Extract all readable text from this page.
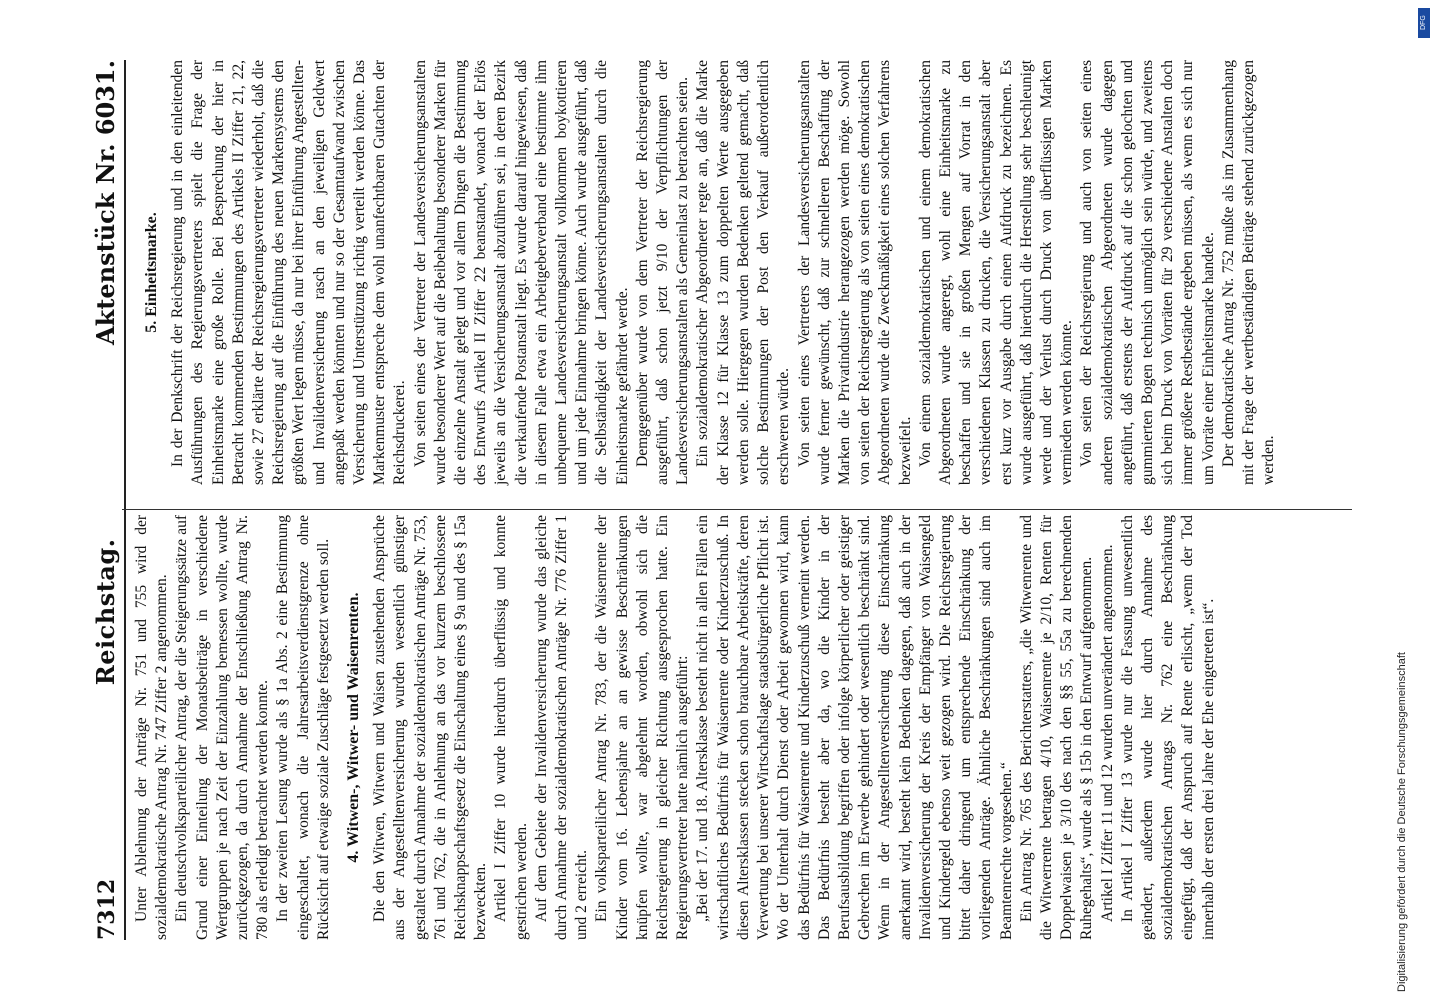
7312
Reichstag.
Aktenstück Nr. 6031.

Unter Ablehnung der Anträge Nr. 751 und 755 wird der sozialdemokratische Antrag Nr. 747 Ziffer 2 angenommen. Ein deutschvolksparteilicher Antrag, der die Steigerungssätze auf Grund einer Einteilung der Monatsbeiträge in verschiedene Wertgruppen je nach Zeit der Einzahlung bemessen wollte, wurde zurückgezogen, da durch Annahme der Entschließung Antrag Nr. 780 als erledigt betrachtet werden konnte. In der zweiten Lesung wurde als § 1a Abs. 2 eine Bestimmung eingeschaltet, wonach die Jahresarbeitsverdienstgrenze ohne Rücksicht auf etwaige soziale Zuschläge festgesetzt werden soll. 4. Witwen-, Witwer- und Waisenrenten. Die den Witwen, Witwern und Waisen zustehenden Ansprüche aus der Angestelltenversicherung wurden wesentlich günstiger gestaltet durch Annahme der sozialdemokratischen Anträge Nr. 753, 761 und 762, die in Anlehnung an das vor kurzem beschlossene Reichsknappschaftsgesetz die Einschaltung eines § 9a und des § 15a bezweckten. Artikel I Ziffer 10 wurde hierdurch überflüssig und konnte gestrichen werden. Auf dem Gebiete der Invalidenversicherung wurde das gleiche durch Annahme der sozialdemokratischen Anträge Nr. 776 Ziffer 1 und 2 erreicht. Ein volksparteilicher Antrag Nr. 783, der die Waisenrente der Kinder vom 16. Lebensjahre an an gewisse Beschränkungen knüpfen wollte, war abgelehnt worden, obwohl sich die Reichsregierung in gleicher Richtung ausgesprochen hatte. Ein Regierungsvertreter hatte nämlich ausgeführt: „Bei der 17. und 18. Altersklasse besteht nicht in allen Fällen ein wirtschaftliches Bedürfnis für Waisenrente oder Kinderzuschuß. In diesen Altersklassen stecken schon brauchbare Arbeitskräfte, deren Verwertung bei unserer Wirtschaftslage staatsbürgerliche Pflicht ist. Wo der Unterhalt durch Dienst oder Arbeit gewonnen wird, kann das Bedürfnis für Waisenrente und Kinderzuschuß verneint werden. Das Bedürfnis besteht aber da, wo die Kinder in der Berufsausbildung begriffen oder infolge körperlicher oder geistiger Gebrechen im Erwerbe gehindert oder wesentlich beschränkt sind. Wenn in der Angestelltenversicherung diese Einschränkung anerkannt wird, besteht kein Bedenken dagegen, daß auch in der Invalidenversicherung der Kreis der Empfänger von Waisengeld und Kindergeld ebenso weit gezogen wird. Die Reichsregierung bittet daher dringend um entsprechende Einschränkung der vorliegenden Anträge. Ähnliche Beschränkungen sind auch im Beamtenrechte vorgesehen.“ Ein Antrag Nr. 765 des Berichterstatters, „die Witwenrente und die Witwerrente betragen 4/10, Waisenrente je 2/10, Renten für Doppelwaisen je 3/10 des nach den §§ 55, 55a zu berechnenden Ruhegehalts“, wurde als § 15b in den Entwurf aufgenommen. Artikel I Ziffer 11 und 12 wurden unverändert angenommen. In Artikel I Ziffer 13 wurde nur die Fassung unwesentlich geändert, außerdem wurde hier durch Annahme des sozialdemokratischen Antrags Nr. 762 eine Beschränkung eingefügt, daß der Anspruch auf Rente erlischt, „wenn der Tod innerhalb der ersten drei Jahre der Ehe eingetreten ist“.

5. Einheitsmarke. In der Denkschrift der Reichsregierung und in den einleitenden Ausführungen des Regierungsvertreters spielt die Frage der Einheitsmarke eine große Rolle. Bei Besprechung der hier in Betracht kommenden Bestimmungen des Artikels II Ziffer 21, 22, sowie 27 erklärte der Reichsregierungsvertreter wiederholt, daß die Reichsregierung auf die Einführung des neuen Markensystems den größten Wert legen müsse, da nur bei ihrer Einführung Angestellten- und Invalidenversicherung rasch an den jeweiligen Geldwert angepaßt werden könnten und nur so der Gesamtaufwand zwischen Versicherung und Unterstützung richtig verteilt werden könne. Das Markenmuster entspreche dem wohl unanfechtbaren Gutachten der Reichsdruckerei. Von seiten eines der Vertreter der Landesversicherungsanstalten wurde besonderer Wert auf die Beibehaltung besonderer Marken für die einzelne Anstalt gelegt und vor allem Dingen die Bestimmung des Entwurfs Artikel II Ziffer 22 beanstandet, wonach der Erlös jeweils an die Versicherungsanstalt abzuführen sei, in deren Bezirk die verkaufende Postanstalt liegt. Es wurde darauf hingewiesen, daß in diesem Falle etwa ein Arbeitgeberverband eine bestimmte ihm unbequeme Landesversicherungsanstalt vollkommen boykottieren und um jede Einnahme bringen könne. Auch wurde ausgeführt, daß die Selbständigkeit der Landesversicherungsanstalten durch die Einheitsmarke gefährdet werde. Demgegenüber wurde von dem Vertreter der Reichsregierung ausgeführt, daß schon jetzt 9/10 der Verpflichtungen der Landesversicherungsanstalten als Gemeinlast zu betrachten seien. Ein sozialdemokratischer Abgeordneter regte an, daß die Marke der Klasse 12 für Klasse 13 zum doppelten Werte ausgegeben werden solle. Hiergegen wurden Bedenken geltend gemacht, daß solche Bestimmungen der Post den Verkauf außerordentlich erschweren würde. Von seiten eines Vertreters der Landesversicherungsanstalten wurde ferner gewünscht, daß zur schnelleren Beschaffung der Marken die Privatindustrie herangezogen werden möge. Sowohl von seiten der Reichsregierung als von seiten eines demokratischen Abgeordneten wurde die Zweckmäßigkeit eines solchen Verfahrens bezweifelt. Von einem sozialdemokratischen und einem demokratischen Abgeordneten wurde angeregt, wohl eine Einheitsmarke zu beschaffen und sie in großen Mengen auf Vorrat in den verschiedenen Klassen zu drucken, die Versicherungsanstalt aber erst kurz vor Ausgabe durch einen Aufdruck zu bezeichnen. Es wurde ausgeführt, daß hierdurch die Herstellung sehr beschleunigt werde und der Verlust durch Druck von überflüssigen Marken vermieden werden könnte. Von seiten der Reichsregierung und auch von seiten eines anderen sozialdemokratischen Abgeordneten wurde dagegen angeführt, daß erstens der Aufdruck auf die schon gelochten und gummierten Bogen technisch unmöglich sein würde, und zweitens sich beim Druck von Vorräten für 29 verschiedene Anstalten doch immer größere Restbestände ergeben müssen, als wenn es sich nur um Vorräte einer Einheitsmarke handele. Der demokratische Antrag Nr. 752 mußte als im Zusammenhang mit der Frage der wertbeständigen Beiträge stehend zurückgezogen werden.

Digitalisierung gefördert durch die Deutsche Forschungsgemeinschaft
DFG
